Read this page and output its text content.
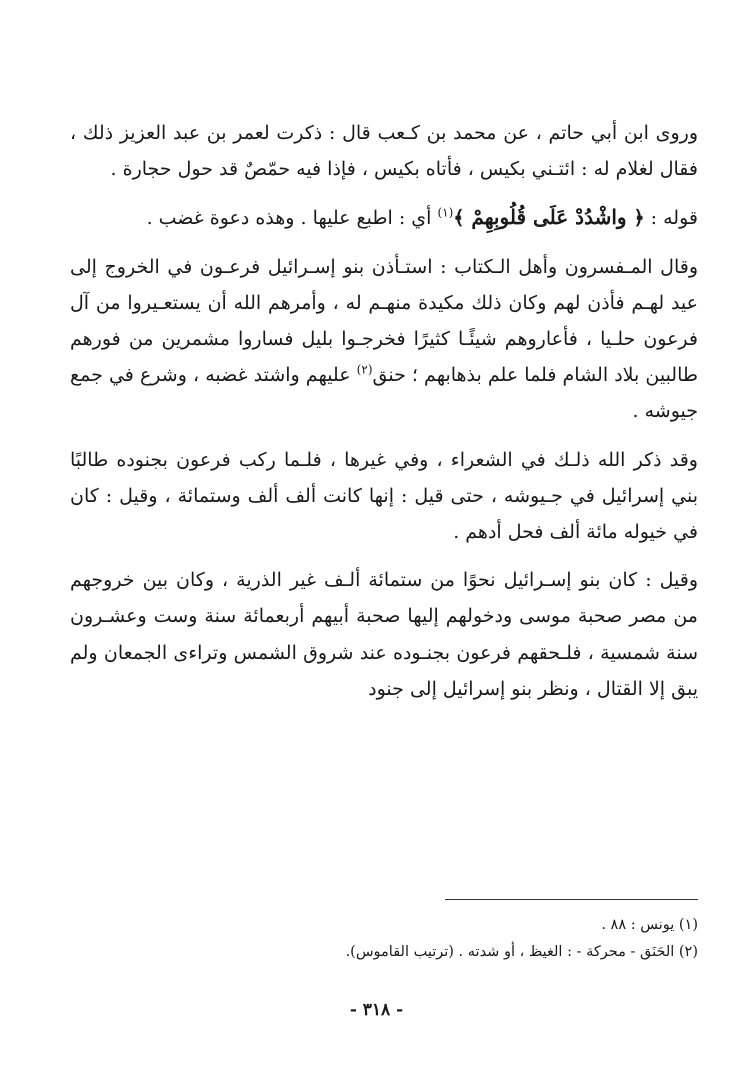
وروى ابن أبي حاتم ، عن محمد بن كـعب قال : ذكرت لعمر بن عبد العزيز ذلك ، فقال لغلام له : ائتـني بكيس ، فأتاه بكيس ، فإذا فيه حمّصٌ قد حول حجارة .

قوله : ﴿ واشْدُدْ عَلَى قُلُوبِهِمْ ﴾$^{(١)}$ أي : اطبع عليها . وهذه دعوة غضب .

وقال المـفسرون وأهل الـكتاب : استـأذن بنو إسـرائيل فرعـون في الخروج إلى عيد لهـم فأذن لهم وكان ذلك مكيدة منهـم له ، وأمرهم الله أن يستعـيروا من آل فرعون حلـيا ، فأعاروهم شيئًـا كثيرًا فخرجـوا بليل فساروا مشمرين من فورهم طالبين بلاد الشام فلما علم بذهابهم ؛ حنق$^{(٢)}$ عليهم واشتد غضبه ، وشرع في جمع جيوشه .

وقد ذكر الله ذلـك في الشعراء ، وفي غيرها ، فلـما ركب فرعون بجنوده طالبًا بني إسرائيل في جـيوشه ، حتى قيل : إنها كانت ألف ألف وستمائة ، وقيل : كان في خيوله مائة ألف فحل أدهم .

وقيل : كان بنو إسـرائيل نحوًا من ستمائة ألـف غير الذرية ، وكان بين خروجهم من مصر صحبة موسى ودخولهم إليها صحبة أبيهم أربعمائة سنة وست وعشـرون سنة شمسية ، فلـحقهم فرعون بجنـوده عند شروق الشمس وتراءى الجمعان ولم يبق إلا القتال ، ونظر بنو إسرائيل إلى جنود

(١) يونس : ٨٨ .

(٢) الحَنَق - محركة - : الغيظ ، أو شدته . (ترتيب القاموس).

- ٣١٨ -
